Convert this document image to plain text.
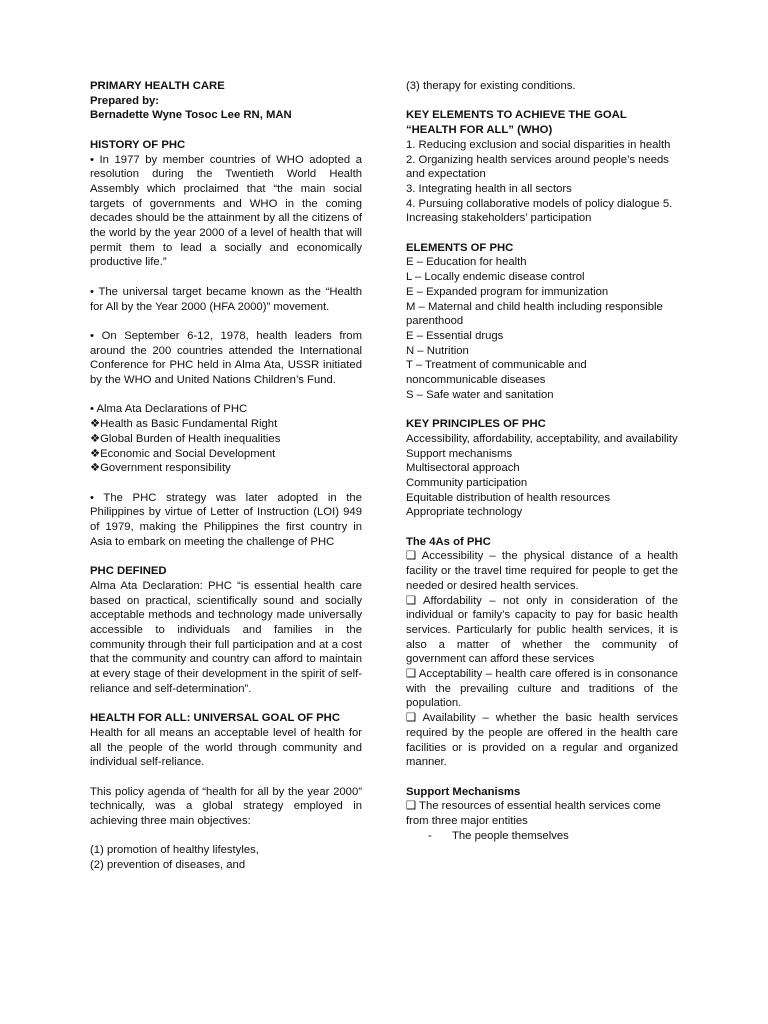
PRIMARY HEALTH CARE
Prepared by:
Bernadette Wyne Tosoc Lee RN, MAN
HISTORY OF PHC
• In 1977 by member countries of WHO adopted a resolution during the Twentieth World Health Assembly which proclaimed that “the main social targets of governments and WHO in the coming decades should be the attainment by all the citizens of the world by the year 2000 of a level of health that will permit them to lead a socially and economically productive life.”
• The universal target became known as the “Health for All by the Year 2000 (HFA 2000)” movement.
• On September 6-12, 1978, health leaders from around the 200 countries attended the International Conference for PHC held in Alma Ata, USSR initiated by the WHO and United Nations Children’s Fund.
• Alma Ata Declarations of PHC
❖Health as Basic Fundamental Right
❖Global Burden of Health inequalities
❖Economic and Social Development
❖Government responsibility
• The PHC strategy was later adopted in the Philippines by virtue of Letter of Instruction (LOI) 949 of 1979, making the Philippines the first country in Asia to embark on meeting the challenge of PHC
PHC DEFINED
Alma Ata Declaration: PHC “is essential health care based on practical, scientifically sound and socially acceptable methods and technology made universally accessible to individuals and families in the community through their full participation and at a cost that the community and country can afford to maintain at every stage of their development in the spirit of self-reliance and self-determination”.
HEALTH FOR ALL: UNIVERSAL GOAL OF PHC
Health for all means an acceptable level of health for all the people of the world through community and individual self-reliance.
This policy agenda of “health for all by the year 2000” technically, was a global strategy employed in achieving three main objectives:
(1) promotion of healthy lifestyles,
(2) prevention of diseases, and
(3) therapy for existing conditions.
KEY ELEMENTS TO ACHIEVE THE GOAL
“HEALTH FOR ALL” (WHO)
1. Reducing exclusion and social disparities in health
2. Organizing health services around people’s needs and expectation
3. Integrating health in all sectors
4. Pursuing collaborative models of policy dialogue 5. Increasing stakeholders’ participation
ELEMENTS OF PHC
E – Education for health
L – Locally endemic disease control
E – Expanded program for immunization
M – Maternal and child health including responsible parenthood
E – Essential drugs
N – Nutrition
T – Treatment of communicable and noncommunicable diseases
S – Safe water and sanitation
KEY PRINCIPLES OF PHC
Accessibility, affordability, acceptability, and availability
Support mechanisms
Multisectoral approach
Community participation
Equitable distribution of health resources
Appropriate technology
The 4As of PHC
❑ Accessibility – the physical distance of a health facility or the travel time required for people to get the needed or desired health services.
❑ Affordability – not only in consideration of the individual or family’s capacity to pay for basic health services. Particularly for public health services, it is also a matter of whether the community of government can afford these services
❑ Acceptability – health care offered is in consonance with the prevailing culture and traditions of the population.
❑ Availability – whether the basic health services required by the people are offered in the health care facilities or is provided on a regular and organized manner.
Support Mechanisms
❑ The resources of essential health services come from three major entities
- The people themselves
